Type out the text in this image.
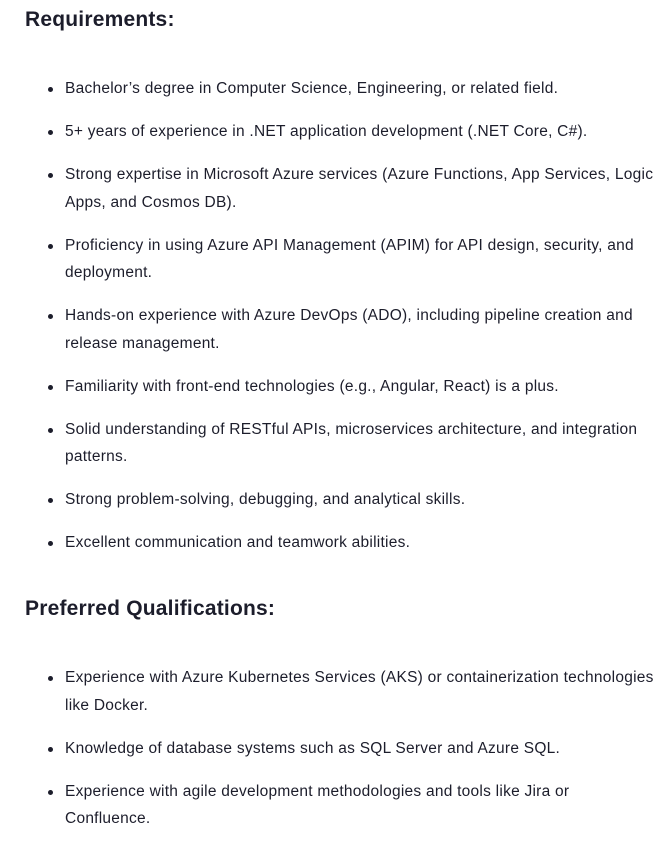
Requirements:
Bachelor’s degree in Computer Science, Engineering, or related field.
5+ years of experience in .NET application development (.NET Core, C#).
Strong expertise in Microsoft Azure services (Azure Functions, App Services, Logic Apps, and Cosmos DB).
Proficiency in using Azure API Management (APIM) for API design, security, and deployment.
Hands-on experience with Azure DevOps (ADO), including pipeline creation and release management.
Familiarity with front-end technologies (e.g., Angular, React) is a plus.
Solid understanding of RESTful APIs, microservices architecture, and integration patterns.
Strong problem-solving, debugging, and analytical skills.
Excellent communication and teamwork abilities.
Preferred Qualifications:
Experience with Azure Kubernetes Services (AKS) or containerization technologies like Docker.
Knowledge of database systems such as SQL Server and Azure SQL.
Experience with agile development methodologies and tools like Jira or Confluence.
